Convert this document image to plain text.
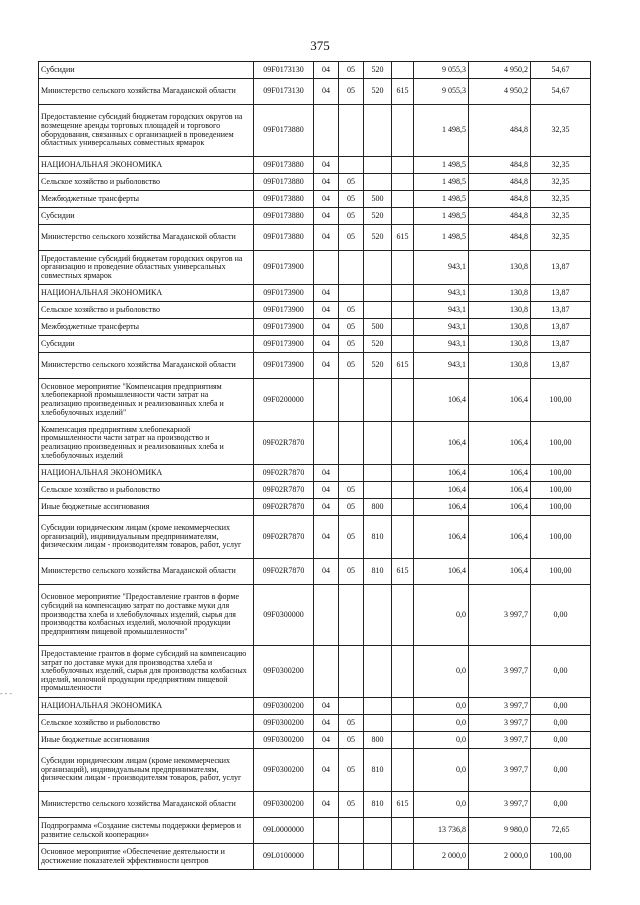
375
- - -
Субсидии	09F0173130	04	05	520		9 055,3	4 950,2	54,67
Министерство сельского хозяйства Магаданской области	09F0173130	04	05	520	615	9 055,3	4 950,2	54,67
Предоставление субсидий бюджетам городских округов на возмещение аренды торговых площадей и торгового оборудования, связанных с организацией в проведением областных универсальных совместных ярмарок	09F0173880					1 498,5	484,8	32,35
НАЦИОНАЛЬНАЯ ЭКОНОМИКА	09F0173880	04				1 498,5	484,8	32,35
Сельское хозяйство и рыболовство	09F0173880	04	05			1 498,5	484,8	32,35
Межбюджетные трансферты	09F0173880	04	05	500		1 498,5	484,8	32,35
Субсидии	09F0173880	04	05	520		1 498,5	484,8	32,35
Министерство сельского хозяйства Магаданской области	09F0173880	04	05	520	615	1 498,5	484,8	32,35
Предоставление субсидий бюджетам городских округов на организацию и проведение областных универсальных совместных ярмарок	09F0173900					943,1	130,8	13,87
НАЦИОНАЛЬНАЯ ЭКОНОМИКА	09F0173900	04				943,1	130,8	13,87
Сельское хозяйство и рыболовство	09F0173900	04	05			943,1	130,8	13,87
Межбюджетные трансферты	09F0173900	04	05	500		943,1	130,8	13,87
Субсидии	09F0173900	04	05	520		943,1	130,8	13,87
Министерство сельского хозяйства Магаданской области	09F0173900	04	05	520	615	943,1	130,8	13,87
Основное мероприятие "Компенсация предприятиям хлебопекарной промышленности части затрат на реализацию произведенных и реализованных хлеба и хлебобулочных изделий"	09F0200000					106,4	106,4	100,00
Компенсация предприятиям хлебопекарной промышленности части затрат на производство и реализацию произведенных и реализованных хлеба и хлебобулочных изделий	09F02R7870					106,4	106,4	100,00
НАЦИОНАЛЬНАЯ ЭКОНОМИКА	09F02R7870	04				106,4	106,4	100,00
Сельское хозяйство и рыболовство	09F02R7870	04	05			106,4	106,4	100,00
Иные бюджетные ассигнования	09F02R7870	04	05	800		106,4	106,4	100,00
Субсидии юридическим лицам (кроме некоммерческих организаций), индивидуальным предпринимателям, физическим лицам - производителям товаров, работ, услуг	09F02R7870	04	05	810		106,4	106,4	100,00
Министерство сельского хозяйства Магаданской области	09F02R7870	04	05	810	615	106,4	106,4	100,00
Основное мероприятие "Предоставление грантов в форме субсидий на компенсацию затрат по доставке муки для производства хлеба и хлебобулочных изделий, сырья для производства колбасных изделий, молочной продукции предприятиям пищевой промышленности"	09F0300000					0,0	3 997,7	0,00
Предоставление грантов в форме субсидий на компенсацию затрат по доставке муки для производства хлеба и хлебобулочных изделий, сырья для производства колбасных изделий, молочной продукции предприятиям пищевой промышленности	09F0300200					0,0	3 997,7	0,00
НАЦИОНАЛЬНАЯ ЭКОНОМИКА	09F0300200	04				0,0	3 997,7	0,00
Сельское хозяйство и рыболовство	09F0300200	04	05			0,0	3 997,7	0,00
Иные бюджетные ассигнования	09F0300200	04	05	800		0,0	3 997,7	0,00
Субсидии юридическим лицам (кроме некоммерческих организаций), индивидуальным предпринимателям, физическим лицам - производителям товаров, работ, услуг	09F0300200	04	05	810		0,0	3 997,7	0,00
Министерство сельского хозяйства Магаданской области	09F0300200	04	05	810	615	0,0	3 997,7	0,00
Подпрограмма «Создание системы поддержки фермеров и развитие сельской кооперации»	09L0000000					13 736,8	9 980,0	72,65
Основное мероприятие «Обеспечение деятельности и достижение показателей эффективности центров	09L0100000					2 000,0	2 000,0	100,00
